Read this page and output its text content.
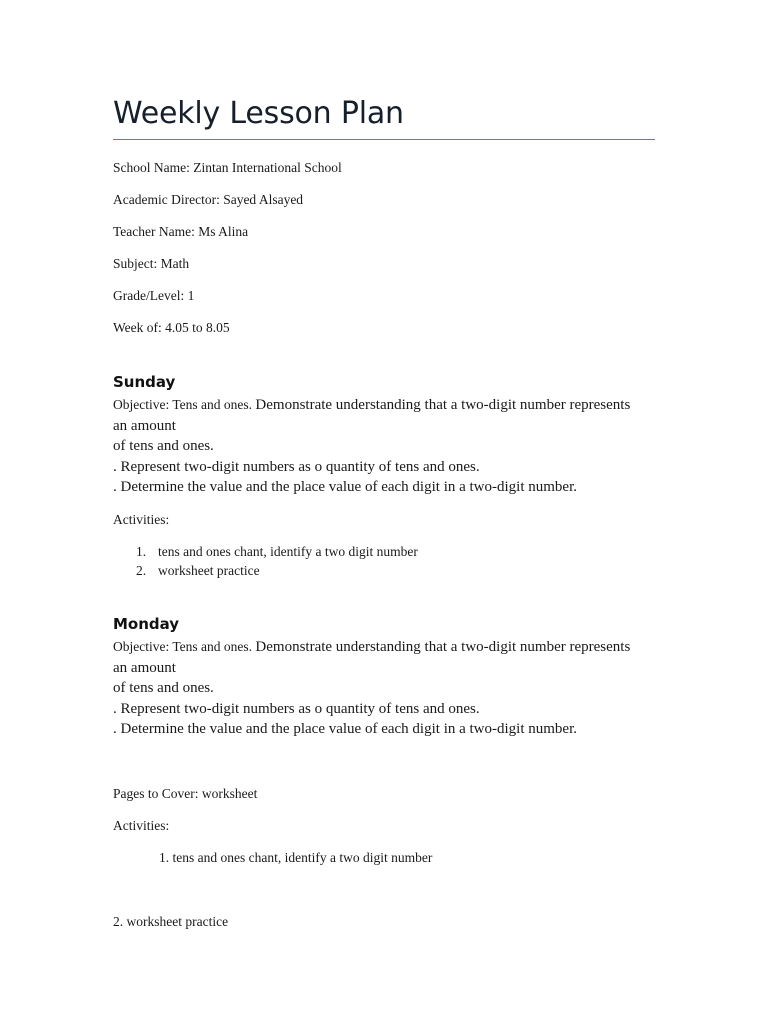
Weekly Lesson Plan

School Name: Zintan International School

Academic Director: Sayed Alsayed

Teacher Name: Ms Alina

Subject: Math

Grade/Level: 1

Week of: 4.05 to 8.05

Sunday
Objective: Tens and ones. Demonstrate understanding that a two-digit number represents
an amount
of tens and ones.
. Represent two-digit numbers as o quantity of tens and ones.
. Determine the value and the place value of each digit in a two-digit number.

Activities:

1. tens and ones chant, identify a two digit number
2. worksheet practice
Monday
Objective: Tens and ones. Demonstrate understanding that a two-digit number represents
an amount
of tens and ones.
. Represent two-digit numbers as o quantity of tens and ones.
. Determine the value and the place value of each digit in a two-digit number.

Pages to Cover: worksheet

Activities:

1. tens and ones chant, identify a two digit number

2. worksheet practice
